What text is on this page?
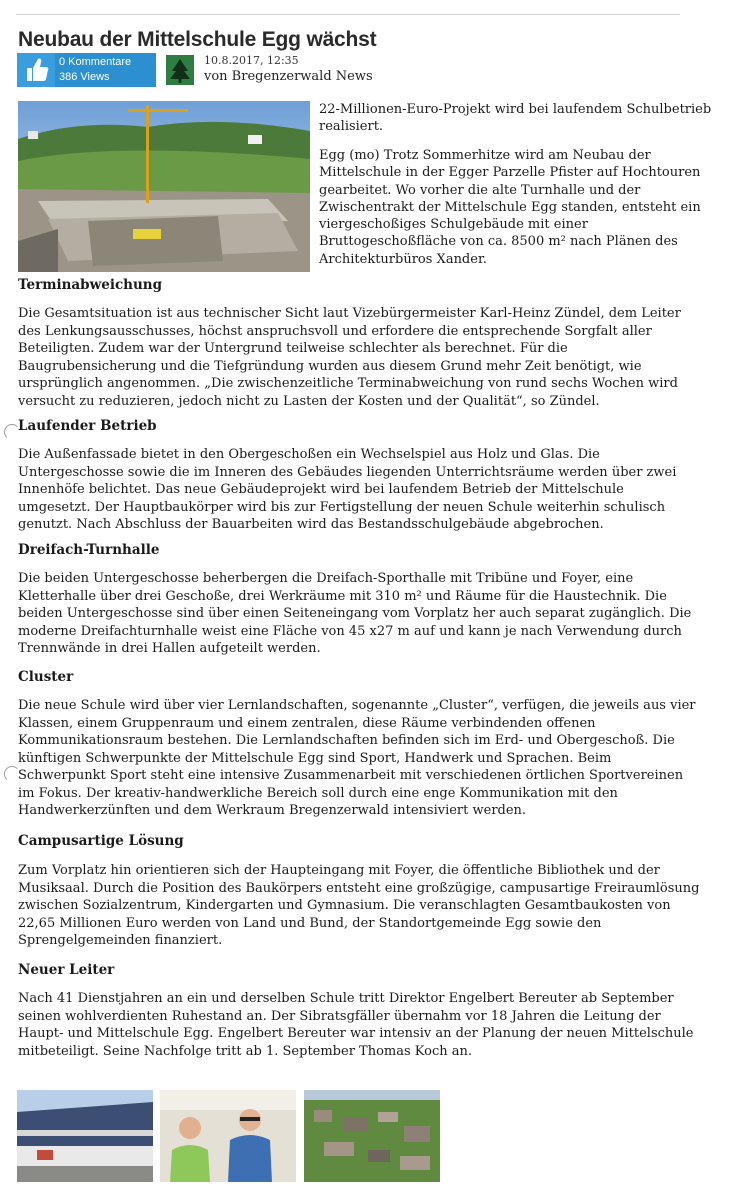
Neubau der Mittelschule Egg wächst
0 Kommentare
386 Views
10.8.2017, 12:35
von Bregenzerwald News

22-Millionen-Euro-Projekt wird bei laufendem Schulbetrieb realisiert.

Egg (mo) Trotz Sommerhitze wird am Neubau der Mittelschule in der Egger Parzelle Pfister auf Hochtouren gearbeitet. Wo vorher die alte Turnhalle und der Zwischentrakt der Mittelschule Egg standen, entsteht ein viergeschoßiges Schulgebäude mit einer Bruttogeschoßfläche von ca. 8500 m² nach Plänen des Architekturbüros Xander.

Terminabweichung

Die Gesamtsituation ist aus technischer Sicht laut Vizebürgermeister Karl-Heinz Zündel, dem Leiter des Lenkungsausschusses, höchst anspruchsvoll und erfordere die entsprechende Sorgfalt aller Beteiligten. Zudem war der Untergrund teilweise schlechter als berechnet. Für die Baugrubensicherung und die Tiefgründung wurden aus diesem Grund mehr Zeit benötigt, wie ursprünglich angenommen. „Die zwischenzeitliche Terminabweichung von rund sechs Wochen wird versucht zu reduzieren, jedoch nicht zu Lasten der Kosten und der Qualität“, so Zündel.

Laufender Betrieb

Die Außenfassade bietet in den Obergeschoßen ein Wechselspiel aus Holz und Glas. Die Untergeschosse sowie die im Inneren des Gebäudes liegenden Unterrichtsräume werden über zwei Innenhöfe belichtet. Das neue Gebäudeprojekt wird bei laufendem Betrieb der Mittelschule umgesetzt. Der Hauptbaukörper wird bis zur Fertigstellung der neuen Schule weiterhin schulisch genutzt. Nach Abschluss der Bauarbeiten wird das Bestandsschulgebäude abgebrochen.

Dreifach-Turnhalle

Die beiden Untergeschosse beherbergen die Dreifach-Sporthalle mit Tribüne und Foyer, eine Kletterhalle über drei Geschoße, drei Werkräume mit 310 m² und Räume für die Haustechnik. Die beiden Untergeschosse sind über einen Seiteneingang vom Vorplatz her auch separat zugänglich. Die moderne Dreifachturnhalle weist eine Fläche von 45 x27 m auf und kann je nach Verwendung durch Trennwände in drei Hallen aufgeteilt werden.

Cluster

Die neue Schule wird über vier Lernlandschaften, sogenannte „Cluster“, verfügen, die jeweils aus vier Klassen, einem Gruppenraum und einem zentralen, diese Räume verbindenden offenen Kommunikationsraum bestehen. Die Lernlandschaften befinden sich im Erd- und Obergeschoß. Die künftigen Schwerpunkte der Mittelschule Egg sind Sport, Handwerk und Sprachen. Beim Schwerpunkt Sport steht eine intensive Zusammenarbeit mit verschiedenen örtlichen Sportvereinen im Fokus. Der kreativ-handwerkliche Bereich soll durch eine enge Kommunikation mit den Handwerkerzünften und dem Werkraum Bregenzerwald intensiviert werden.

Campusartige Lösung

Zum Vorplatz hin orientieren sich der Haupteingang mit Foyer, die öffentliche Bibliothek und der Musiksaal. Durch die Position des Baukörpers entsteht eine großzügige, campusartige Freiraumlösung zwischen Sozialzentrum, Kindergarten und Gymnasium. Die veranschlagten Gesamtbaukosten von 22,65 Millionen Euro werden von Land und Bund, der Standortgemeinde Egg sowie den Sprengelgemeinden finanziert.

Neuer Leiter

Nach 41 Dienstjahren an ein und derselben Schule tritt Direktor Engelbert Bereuter ab September seinen wohlverdienten Ruhestand an. Der Sibratsgfäller übernahm vor 18 Jahren die Leitung der Haupt- und Mittelschule Egg. Engelbert Bereuter war intensiv an der Planung der neuen Mittelschule mitbeteiligt. Seine Nachfolge tritt ab 1. September Thomas Koch an.
